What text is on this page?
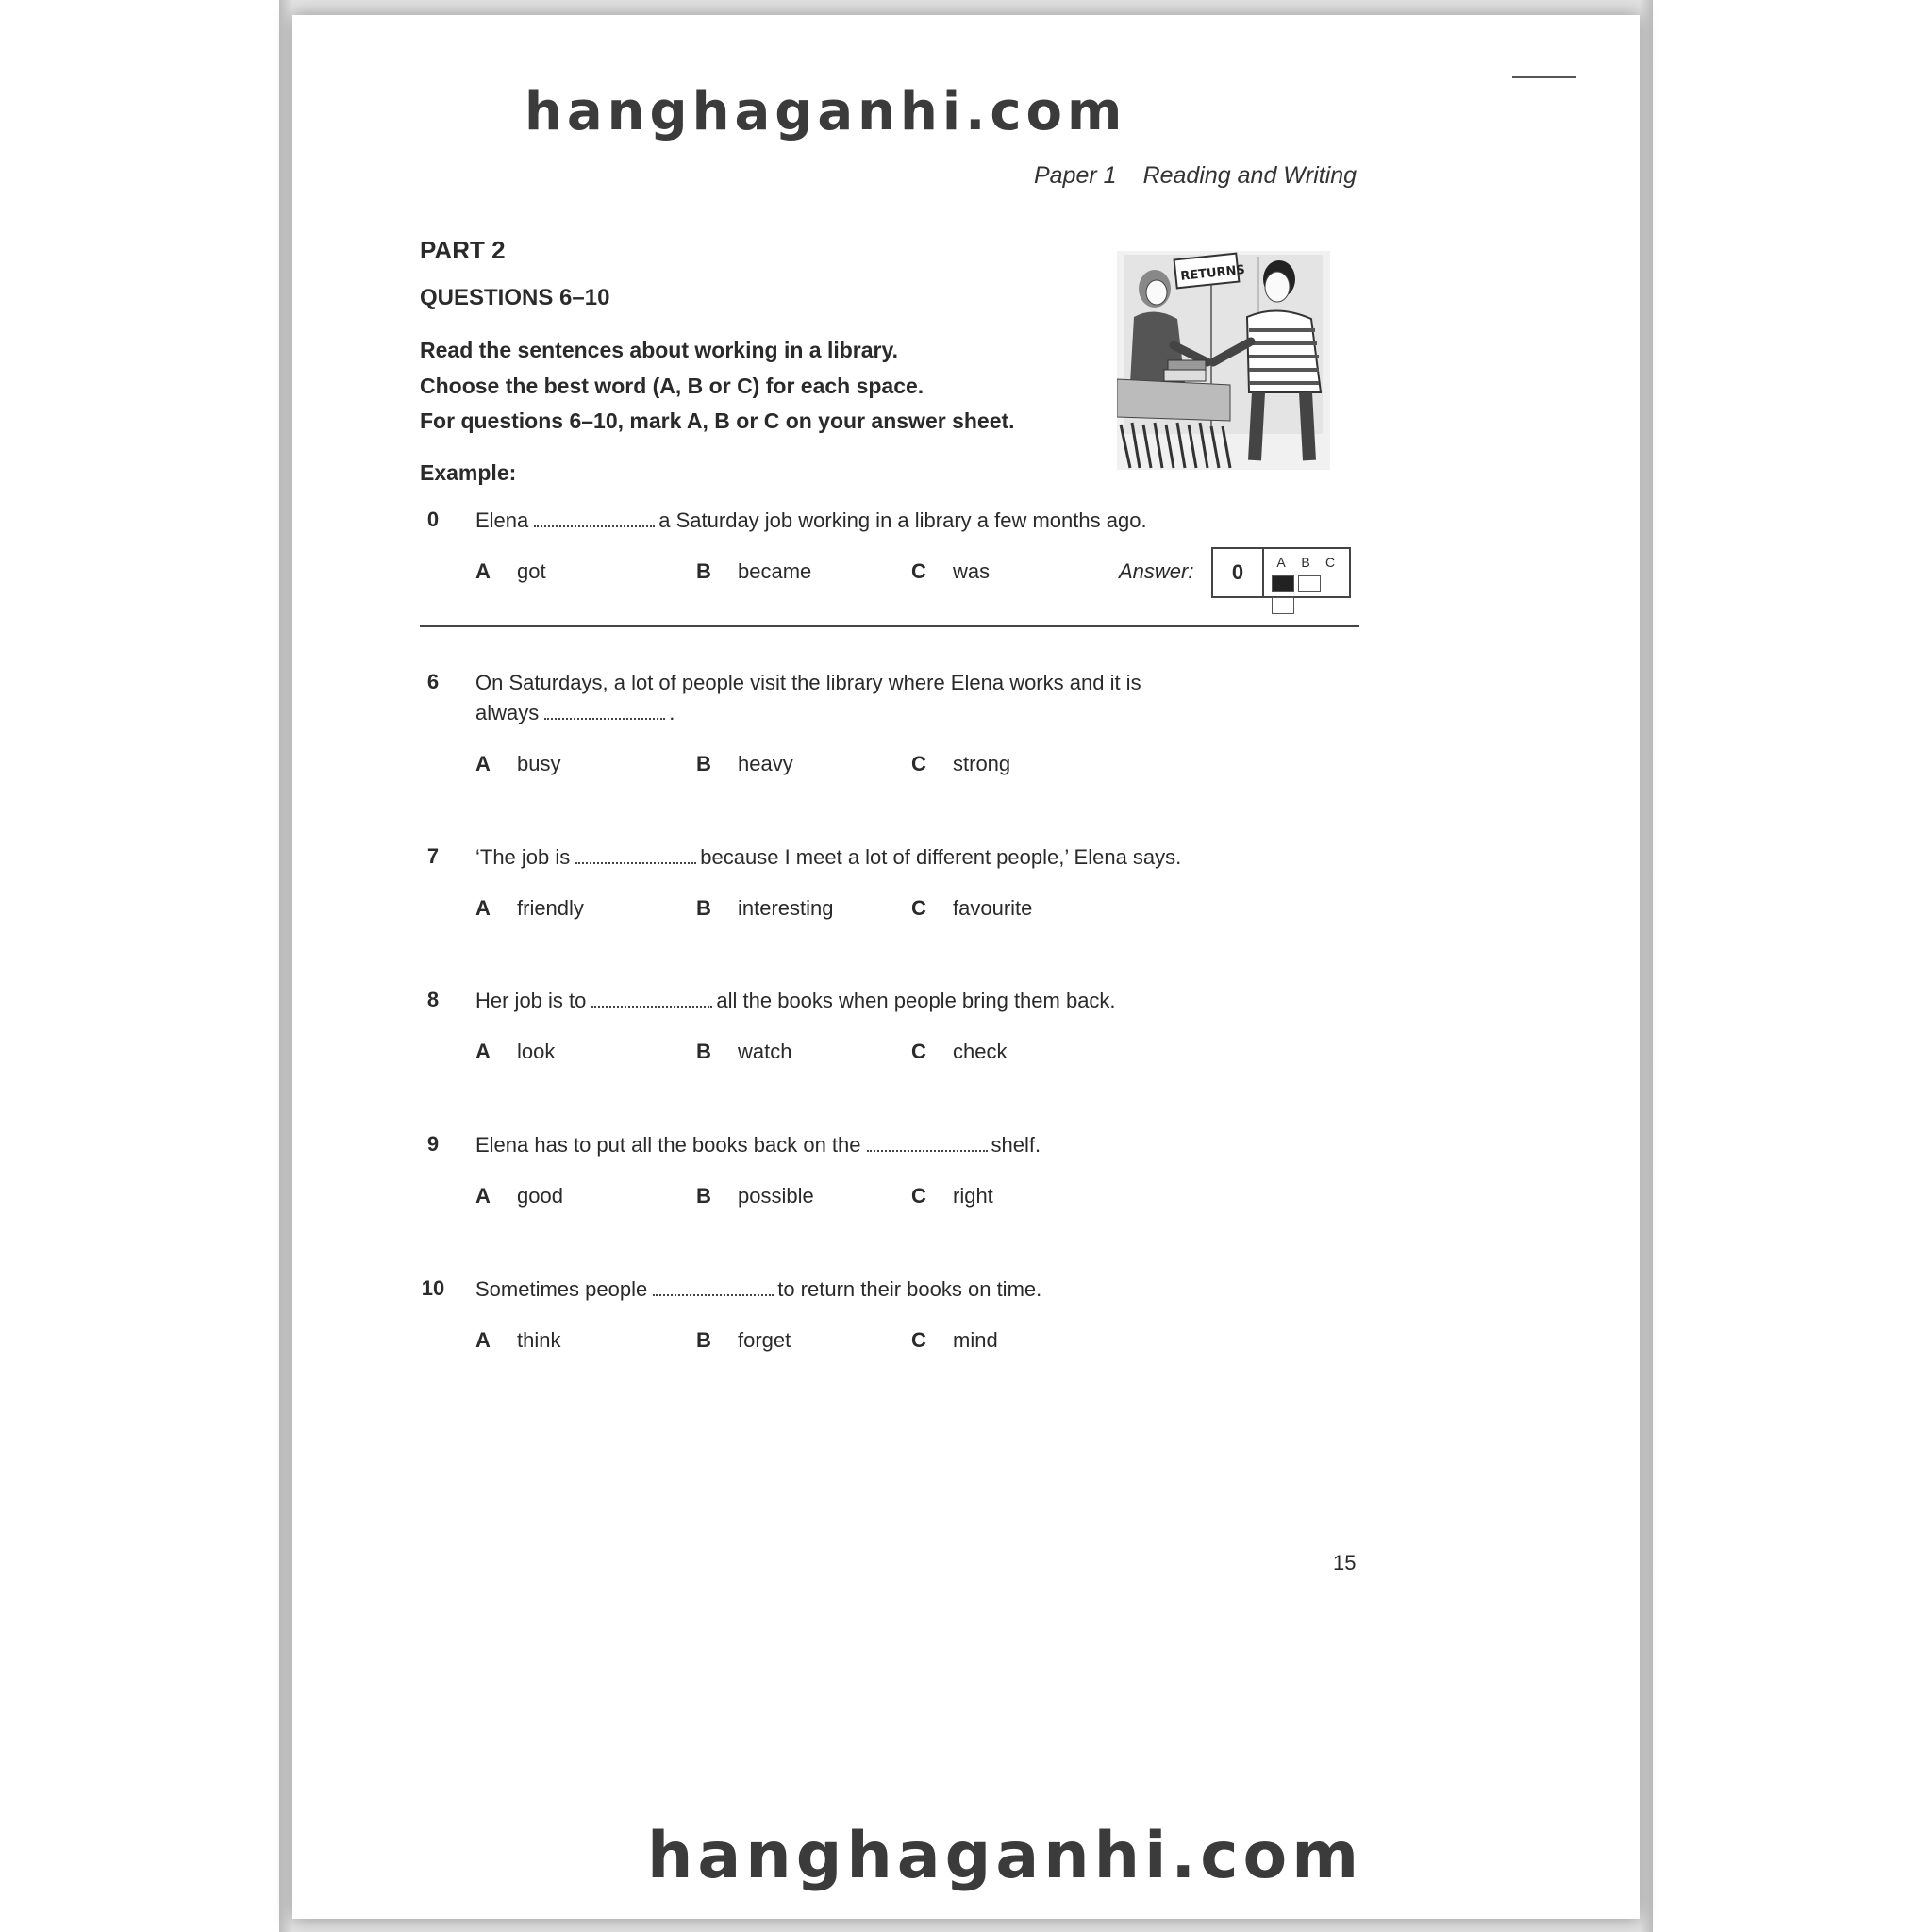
hanghaganhi.com
Paper 1 Reading and Writing
PART 2
QUESTIONS 6–10
Read the sentences about working in a library.
Choose the best word (A, B or C) for each space.
For questions 6–10, mark A, B or C on your answer sheet.
RETURNS
Example:
0	Elena	a Saturday job working in a library a few months ago.
A got	B became	C was	Answer:	0	A B C
6	On Saturdays, a lot of people visit the library where Elena works and it is
always	.
A busy	B heavy	C strong
7	‘The job is	because I meet a lot of different people,’ Elena says.
A friendly	B interesting	C favourite
8	Her job is to	all the books when people bring them back.
A look	B watch	C check
9	Elena has to put all the books back on the	shelf.
A good	B possible	C right
10 Sometimes people	to return their books on time.
A think	B forget	C mind
15
hanghaganhi.com
